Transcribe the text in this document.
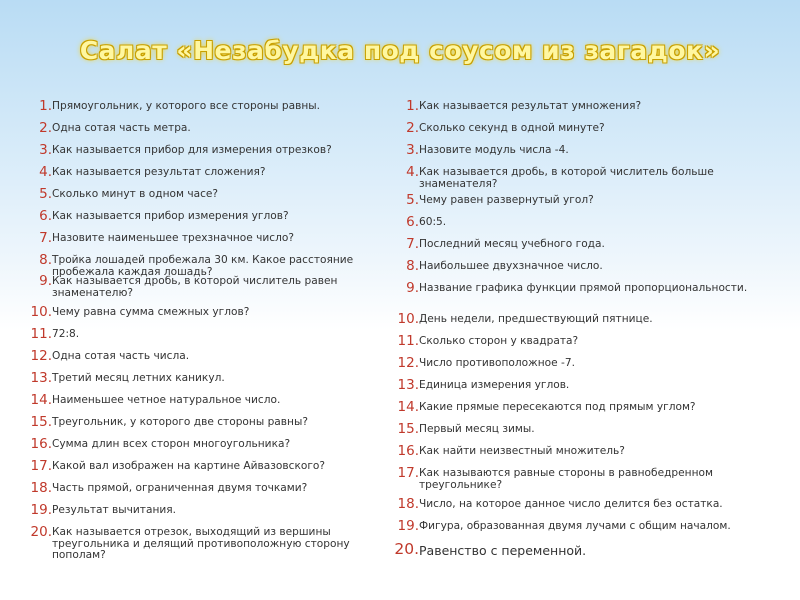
Салат «Незабудка под соусом из загадок»
1. Прямоугольник, у которого все стороны равны.
2. Одна сотая часть метра.
3. Как называется прибор для измерения отрезков?
4. Как называется результат сложения?
5. Сколько минут в одном часе?
6. Как называется прибор измерения углов?
7. Назовите наименьшее трехзначное число?
8. Тройка лошадей пробежала 30 км. Какое расстояние пробежала каждая лошадь?
9. Как называется дробь, в которой числитель равен знаменателю?
10. Чему равна сумма смежных углов?
11. 72:8.
12. Одна сотая часть числа.
13. Третий месяц летних каникул.
14. Наименьшее четное натуральное число.
15. Треугольник, у которого две стороны равны?
16. Сумма длин всех сторон многоугольника?
17. Какой вал изображен на картине Айвазовского?
18. Часть прямой, ограниченная двумя точками?
19. Результат вычитания.
20. Как называется отрезок, выходящий из вершины треугольника и делящий противоположную сторону пополам?
1. Как называется результат умножения?
2. Сколько секунд в одной минуте?
3. Назовите модуль числа -4.
4. Как называется дробь, в которой числитель больше знаменателя?
5. Чему равен развернутый угол?
6. 60:5.
7. Последний месяц учебного года.
8. Наибольшее двухзначное число.
9. Название графика функции прямой пропорциональности.
10. День недели, предшествующий пятнице.
11. Сколько сторон у квадрата?
12. Число противоположное -7.
13. Единица измерения углов.
14. Какие прямые пересекаются под прямым углом?
15. Первый месяц зимы.
16. Как найти неизвестный множитель?
17. Как называются равные стороны в равнобедренном треугольнике?
18. Число, на которое данное число делится без остатка.
19. Фигура, образованная двумя лучами с общим началом.
20. Равенство с переменной.
